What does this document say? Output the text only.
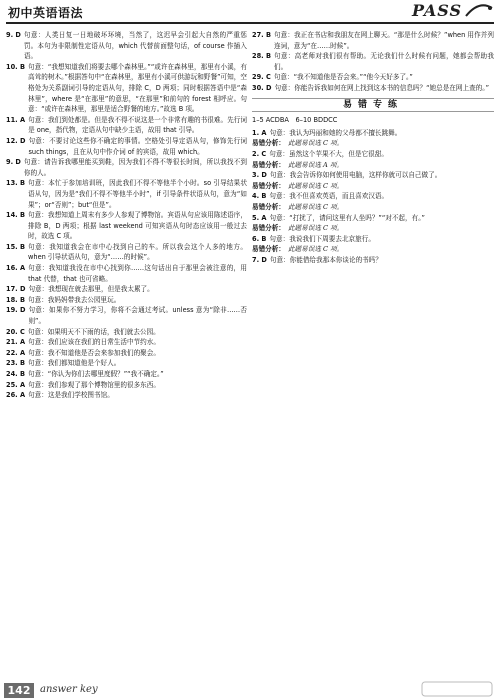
初中英语语法	PASS
9. D 句意：人类日复一日地破坏环境，当然了，这迟早会引起大自然的严重惩罚。本句为非限制性定语从句，which 代替前面整句话，of course 作插入语。
10. B 句意：“我想知道我们将要去哪个森林里。”“或许在森林里，那里有小溪，有高耸的树木。”根据答句中“在森林里，那里有小溪可供游玩和野餐”可知，空格处为关系副词引导的定语从句，排除 C，D 两项；同时根据答语中是“森林里”，where 是“在那里”的意思，“在那里”和前句的 forest 相呼应。句意：“或许在森林里，那里是适合野餐的地方。”故选 B 项。
11. A 句意：我们到处都是。但是我不得不说这是一个非常有趣的书很难。先行词是 one，指代物，定语从句中缺少主语，故用 that 引导。
12. D 句意：不要讨论这些你不确定的事情。空格处引导定语从句，修饰先行词 such things，且在从句中作介词 of 的宾语，故用 which。
9. D 句意：请告诉我哪里能买到鞋，因为我们不得不等很长时间，所以我找不到你的人。
13. B 句意：本忙于参加培训班，因此我们不得不等他半个小时。so 引导结果状语从句，因为是“我们不得不等他半小时”，if 引导条件状语从句，意为“如果”；or“否则”；but“但是”。
14. B 句意：我想知道上周末有多少人参观了博物馆。宾语从句应该用陈述语序，排除 B，D 两项；根据 last weekend 可知宾语从句时态应该用一般过去时，故选 C 项。
15. B 句意：我知道我会在市中心找到自己的车。所以我会这个人多的地方。when 引导状语从句，意为“……的时候”。
16. A 句意：我知道我没在市中心找到你……这句话出自于那里会被注意的，用 that 代替，that 也可省略。
17. D 句意：我想现在就去那里，但是我太累了。
18. B 句意：我妈妈带我去公园里玩。
19. D 句意：如果你不努力学习，你将不会通过考试。unless 意为“除非……否则”。
20. C 句意：如果明天不下雨的话，我们就去公园。
21. A 句意：我们应该在我们的日常生活中节约水。
22. A 句意：我不知道他是否会来参加我们的聚会。
23. B 句意：我们都知道他是个好人。
24. B 句意：“你认为你们去哪里度假？”“我不确定。”
25. A 句意：我们参观了那个博物馆里的很多东西。
26. A 句意：这是我们学校图书馆。
27. B 句意：我正在书店和我朋友在网上聊天。“那是什么时候？”when 用作并列连词，意为“在……时候”。
28. B 句意：高老师对我们很有帮助。无论我们什么时候有问题，她都会帮助我们。
29. C 句意：“我不知道他是否会来。”“他今天好多了。”
30. D 句意：你能告诉我如何在网上找到这本书的信息吗？“她总是在网上查的。”
易错专练
1–5 ACDBA　6–10 BDDCC
1. A 句意：我认为玛丽和她的父母都不擅长跳舞。
易错分析： 此题易误选 C 项。
2. C 句意：虽然这个苹果不大，但是它很甜。
易错分析： 此题易误选 A 项。
3. D 句意：我会告诉你如何使用电脑，这样你就可以自己做了。
易错分析： 此题易误选 C 项。
4. B 句意：我不但喜欢英语，而且喜欢汉语。
易错分析： 此题易误选 C 项。
5. A 句意：“打扰了，请问这里有人坐吗？”“对不起，有。”
易错分析： 此题易误选 C 项。
6. B 句意：我说我们下周要去北京旅行。
易错分析： 此题易误选 C 项。
7. D 句意：你能借给我那本你谈论的书吗？
142 answer key
